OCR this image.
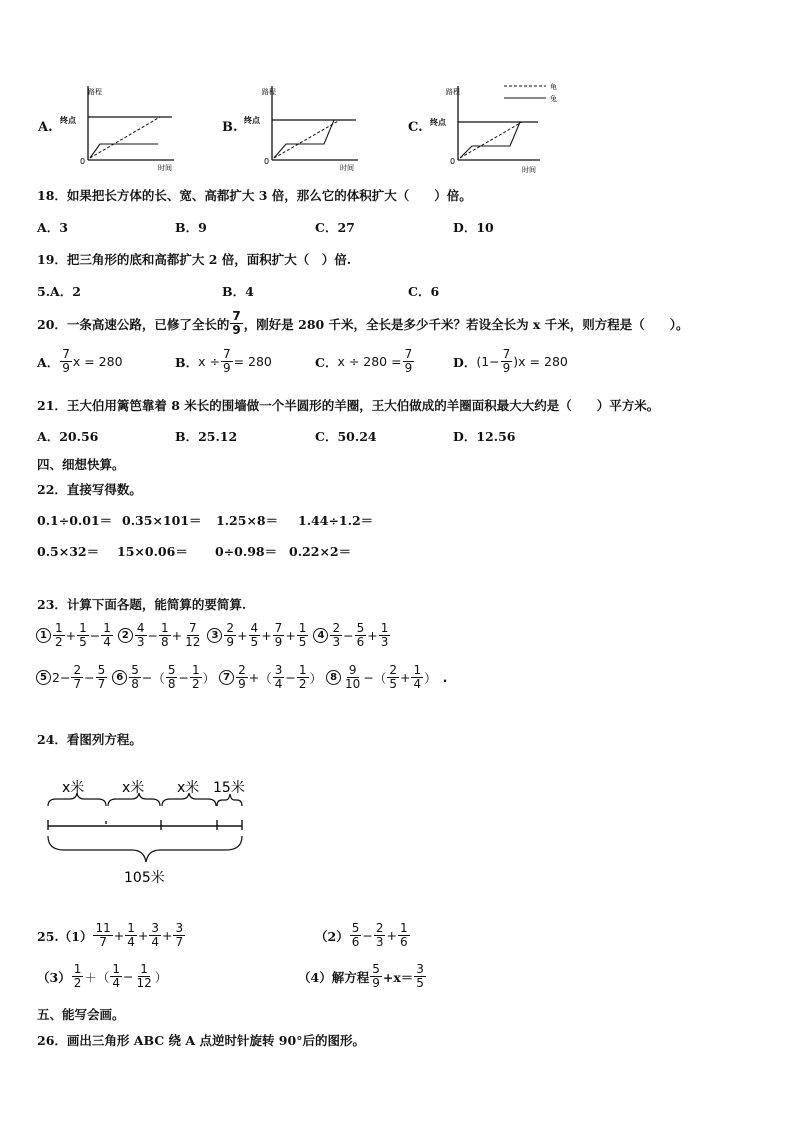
A.
路程
终点
0
时间
B.
路程
终点
0
时间
C.
路程
终点
0
时间
龟
兔
18．如果把长方体的长、宽、高都扩大 3 倍，那么它的体积扩大（　　）倍。
A．3	B．9	C．27	D．10
19．把三角形的底和高都扩大 2 倍，面积扩大（　）倍.
5.A．2	B．4	C．6
20．一条高速公路，已修了全长的 $\frac{7}{9}$ ，刚好是 280 千米，全长是多少千米？若设全长为 x 千米，则方程是（　　）。
A． $\frac{7}{9}$ x = 280	B． $x \div \frac{7}{9} = 280$	C． $x \div 280 = \frac{7}{9}$	D． $(1- \frac{7}{9} )x = 280$
21．王大伯用篱笆靠着 8 米长的围墙做一个半圆形的羊圈，王大伯做成的羊圈面积最大大约是（　　）平方米。
A．20.56	B．25.12	C．50.24	D．12.56
四、细想快算。
22．直接写得数。
0.1÷0.01＝ 0.35×101＝ 1.25×8＝ 1.44÷1.2＝
0.5×32＝ 15×0.06＝ 0÷0.98＝ 0.22×2＝
23．计算下面各题，能简算的要简算.
$1 \frac{1}{2} + \frac{1}{5} - \frac{1}{4} 2 \frac{4}{3} - \frac{1}{8} + \frac{7}{12} 3 \frac{2}{9} + \frac{4}{5} + \frac{7}{9} + \frac{1}{5} 4 \frac{2}{3} - \frac{5}{6} + \frac{1}{3}$
5 $2 - \frac{2}{7} - \frac{5}{7} 6 \frac{5}{8}$ − （ $\frac{5}{8} - \frac{1}{2}$ ） $7 \frac{2}{9}$ + （ $\frac{3}{4} - \frac{1}{2}$ ） $8 \frac{9}{10}$ − （ $\frac{2}{5} + \frac{1}{4}$ ） .
24．看图列方程。
x米	x米 x米 15米
105米
$25.(1) \frac{11}{7} + \frac{1}{4} + \frac{3}{4} + \frac{3}{7}$	$(2) \frac{5}{6} - \frac{2}{3} + \frac{1}{6}$
$(3) \frac{1}{2}$ ＋（ $\frac{1}{4} - \frac{1}{12}$ ）	（4）解方程 $\frac{5}{9} +x= \frac{3}{5}$
五、能写会画。
26．画出三角形 ABC 绕 A 点逆时针旋转 90°后的图形。
